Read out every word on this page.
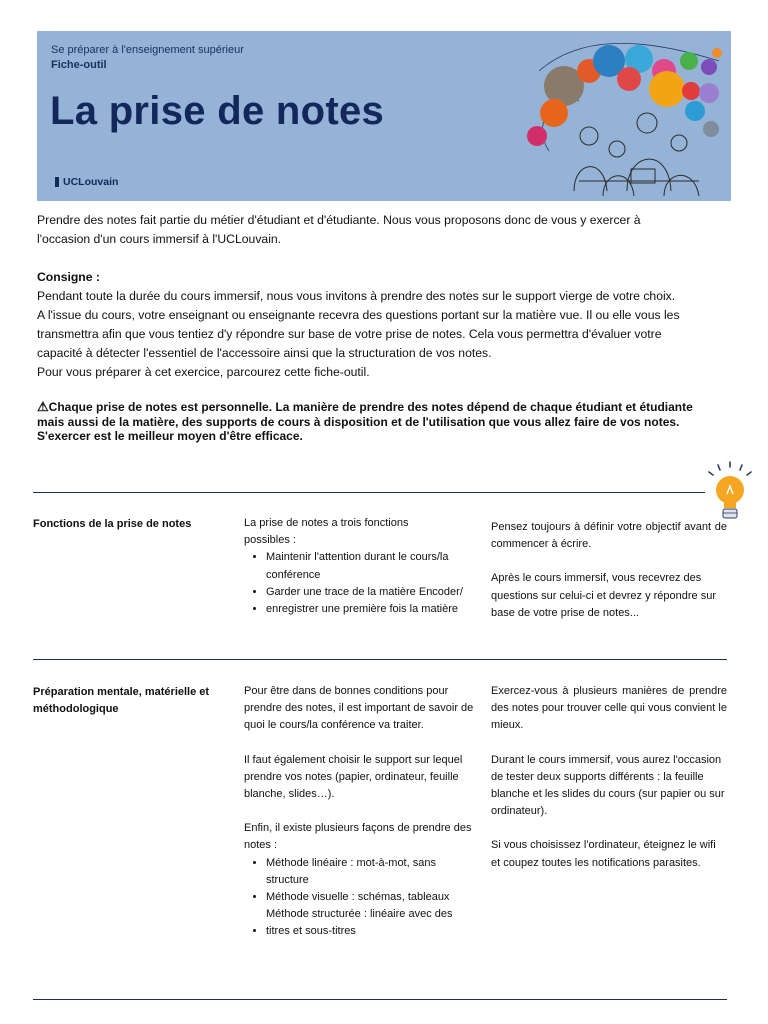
Se préparer à l'enseignement supérieur
Fiche-outil
La prise de notes
UCLouvain

Prendre des notes fait partie du métier d'étudiant et d'étudiante. Nous vous proposons donc de vous y exercer à

l'occasion d'un cours immersif à l'UCLouvain.

Consigne :

Pendant toute la durée du cours immersif, nous vous invitons à prendre des notes sur le support vierge de votre choix.

A l'issue du cours, votre enseignant ou enseignante recevra des questions portant sur la matière vue. Il ou elle vous les

transmettra afin que vous tentiez d'y répondre sur base de votre prise de notes. Cela vous permettra d'évaluer votre

capacité à détecter l'essentiel de l'accessoire ainsi que la structuration de vos notes.

Pour vous préparer à cet exercice, parcourez cette fiche-outil.

⚠Chaque prise de notes est personnelle. La manière de prendre des notes dépend de chaque étudiant et étudiante
mais aussi de la matière, des supports de cours à disposition et de l'utilisation que vous allez faire de vos notes.
S'exercer est le meilleur moyen d'être efficace.

Fonctions de la prise de notes	La prise de notes a trois fonctions

possibles :

• Maintenir l'attention durant le cours/la
conférence
• Garder une trace de la matière Encoder/
• enregistrer une première fois la matière

Pensez toujours à définir votre objectif avant de commencer à écrire.

Après le cours immersif, vous recevrez des questions sur celui-ci et devrez y répondre sur base de votre prise de notes...

Préparation mentale, matérielle et méthodologique

Pour être dans de bonnes conditions pour prendre des notes, il est important de savoir de quoi le cours/la conférence va traiter.

Il faut également choisir le support sur lequel prendre vos notes (papier, ordinateur, feuille blanche, slides…).

Enfin, il existe plusieurs façons de prendre des notes :

• Méthode linéaire : mot-à-mot, sans
structure
• Méthode visuelle : schémas, tableaux
Méthode structurée : linéaire avec des
• titres et sous-titres

Exercez-vous à plusieurs manières de prendre des notes pour trouver celle qui vous convient le mieux.

Durant le cours immersif, vous aurez l'occasion de tester deux supports différents : la feuille blanche et les slides du cours (sur papier ou sur ordinateur).

Si vous choisissez l'ordinateur, éteignez le wifi et coupez toutes les notifications parasites.
